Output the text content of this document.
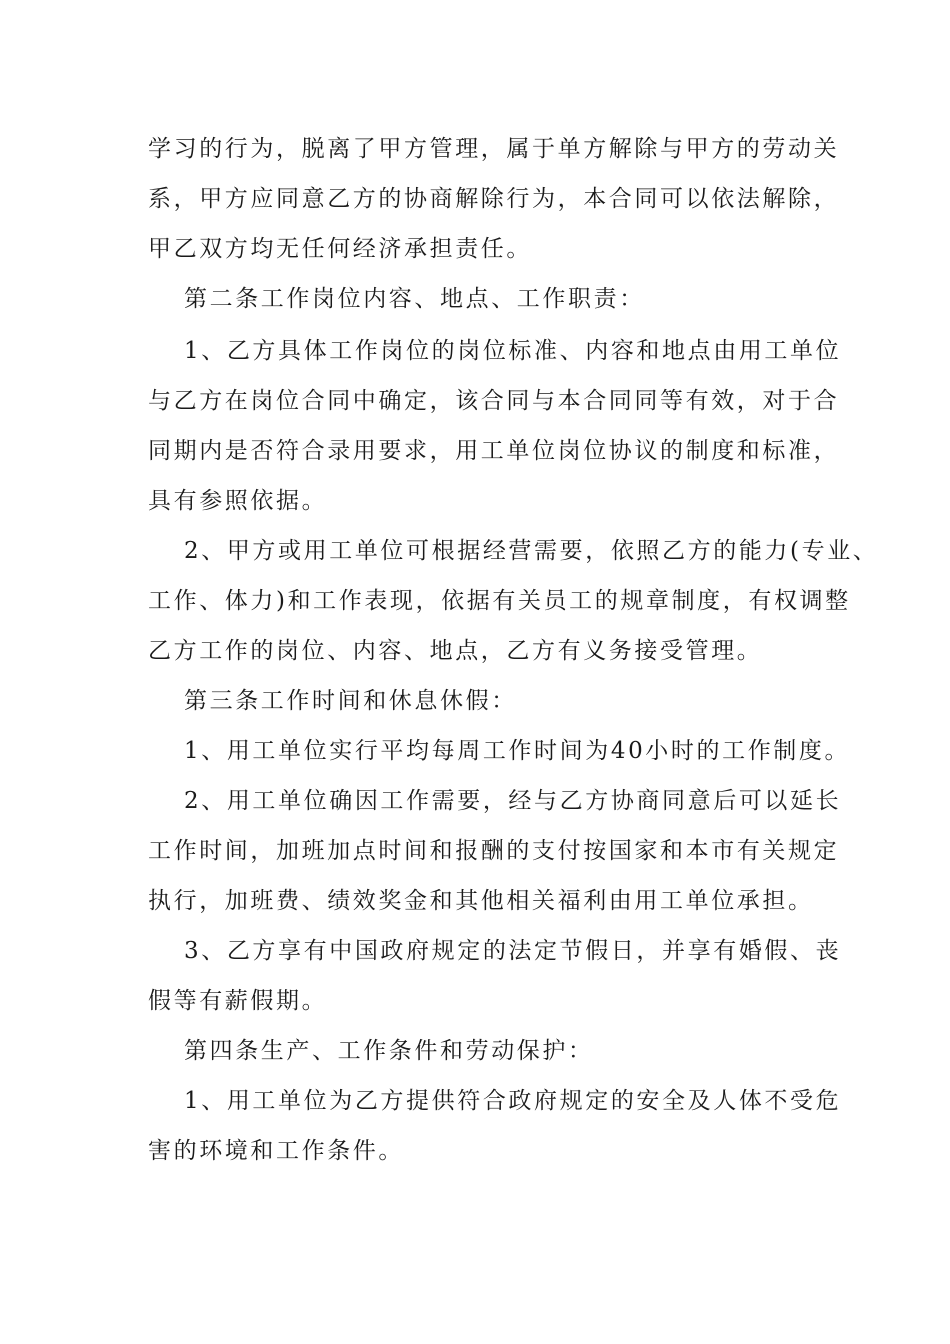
学习的行为，脱离了甲方管理，属于单方解除与甲方的劳动关
系，甲方应同意乙方的协商解除行为，本合同可以依法解除，
甲乙双方均无任何经济承担责任。
第二条工作岗位内容、地点、工作职责：
1、乙方具体工作岗位的岗位标准、内容和地点由用工单位
与乙方在岗位合同中确定，该合同与本合同同等有效，对于合
同期内是否符合录用要求，用工单位岗位协议的制度和标准，
具有参照依据。
2、甲方或用工单位可根据经营需要，依照乙方的能力(专业、
工作、体力)和工作表现，依据有关员工的规章制度，有权调整
乙方工作的岗位、内容、地点，乙方有义务接受管理。
第三条工作时间和休息休假：
1、用工单位实行平均每周工作时间为40小时的工作制度。
2、用工单位确因工作需要，经与乙方协商同意后可以延长
工作时间，加班加点时间和报酬的支付按国家和本市有关规定
执行，加班费、绩效奖金和其他相关福利由用工单位承担。
3、乙方享有中国政府规定的法定节假日，并享有婚假、丧
假等有薪假期。
第四条生产、工作条件和劳动保护：
1、用工单位为乙方提供符合政府规定的安全及人体不受危
害的环境和工作条件。
